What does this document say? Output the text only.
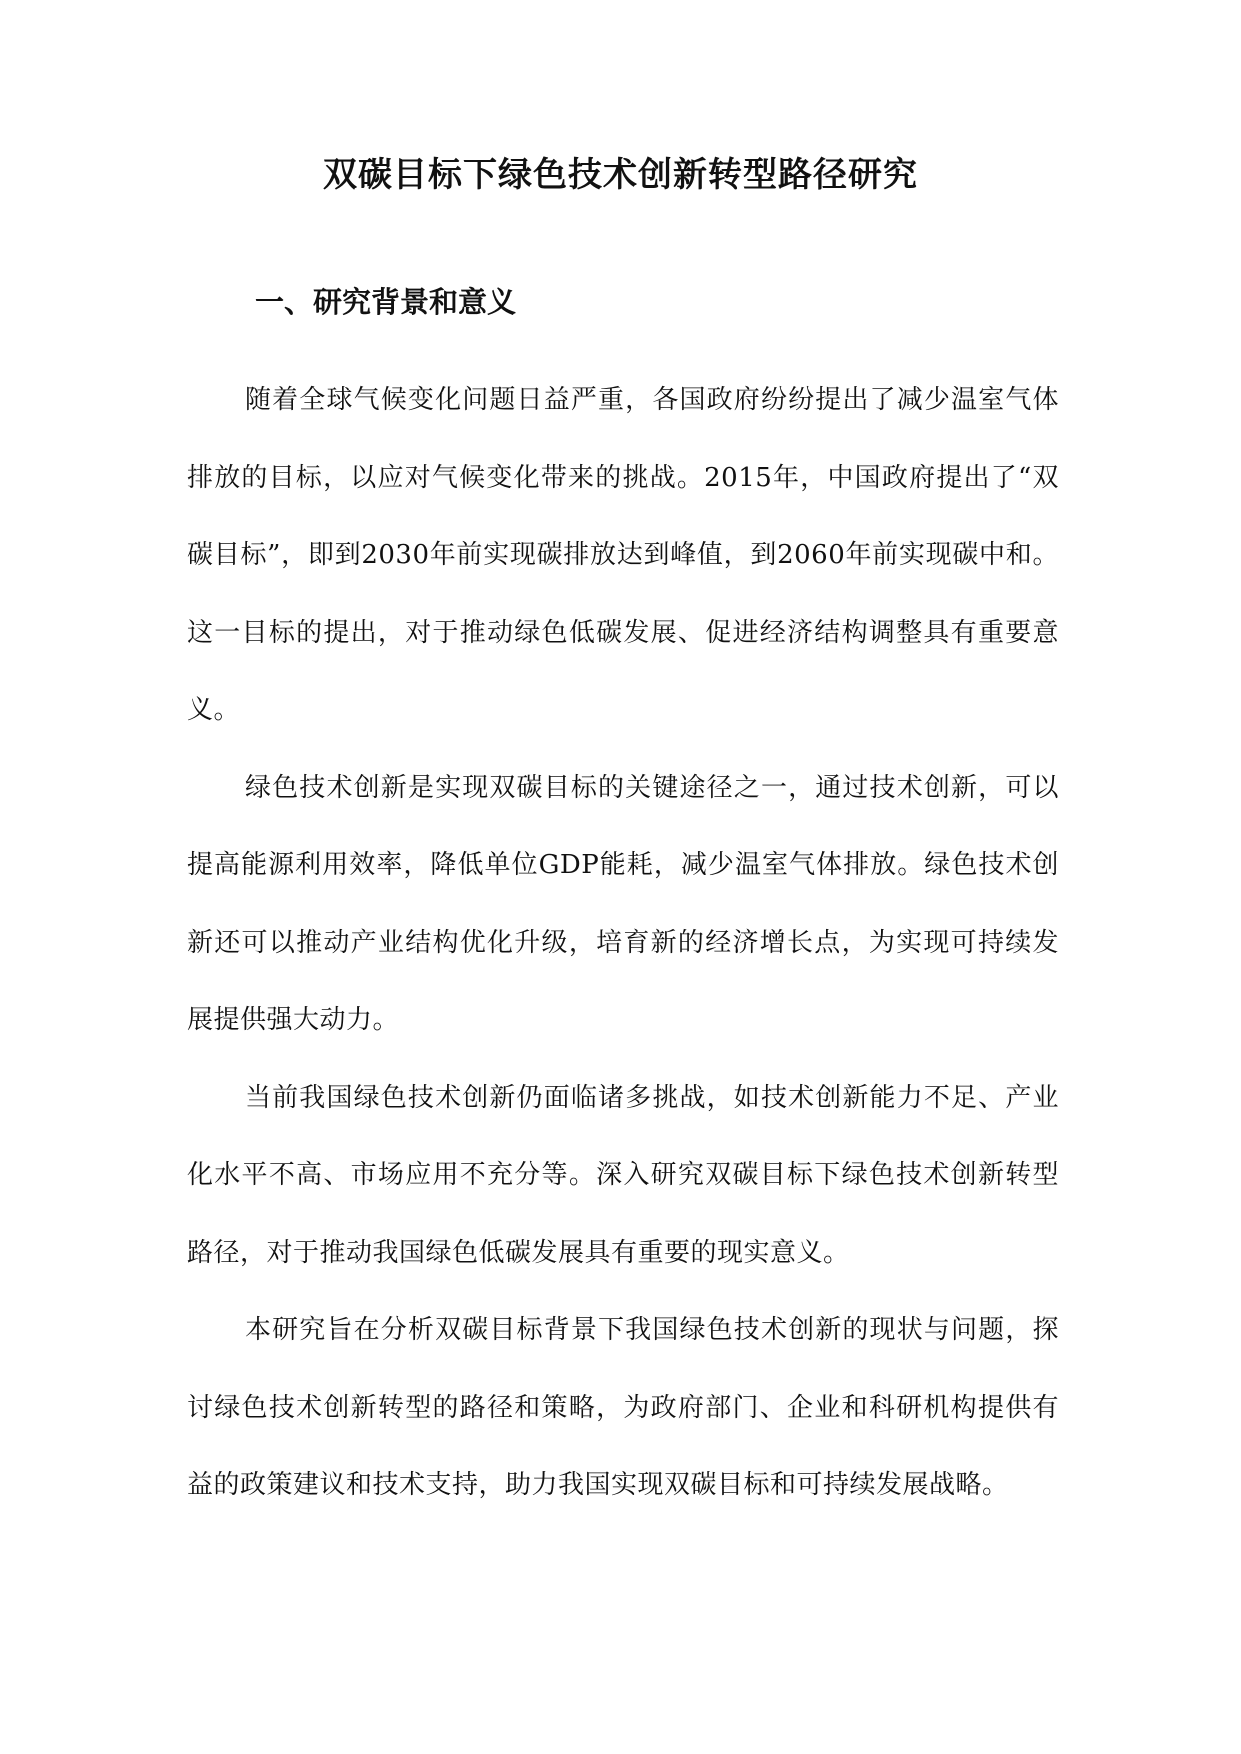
双碳目标下绿色技术创新转型路径研究
一、研究背景和意义

随着全球气候变化问题日益严重，各国政府纷纷提出了减少温室气体排放的目标，以应对气候变化带来的挑战。2015年，中国政府提出了“双碳目标”，即到2030年前实现碳排放达到峰值，到2060年前实现碳中和。这一目标的提出，对于推动绿色低碳发展、促进经济结构调整具有重要意义。

绿色技术创新是实现双碳目标的关键途径之一，通过技术创新，可以提高能源利用效率，降低单位GDP能耗，减少温室气体排放。绿色技术创新还可以推动产业结构优化升级，培育新的经济增长点，为实现可持续发展提供强大动力。

当前我国绿色技术创新仍面临诸多挑战，如技术创新能力不足、产业化水平不高、市场应用不充分等。深入研究双碳目标下绿色技术创新转型路径，对于推动我国绿色低碳发展具有重要的现实意义。

本研究旨在分析双碳目标背景下我国绿色技术创新的现状与问题，探讨绿色技术创新转型的路径和策略，为政府部门、企业和科研机构提供有益的政策建议和技术支持，助力我国实现双碳目标和可持续发展战略。
